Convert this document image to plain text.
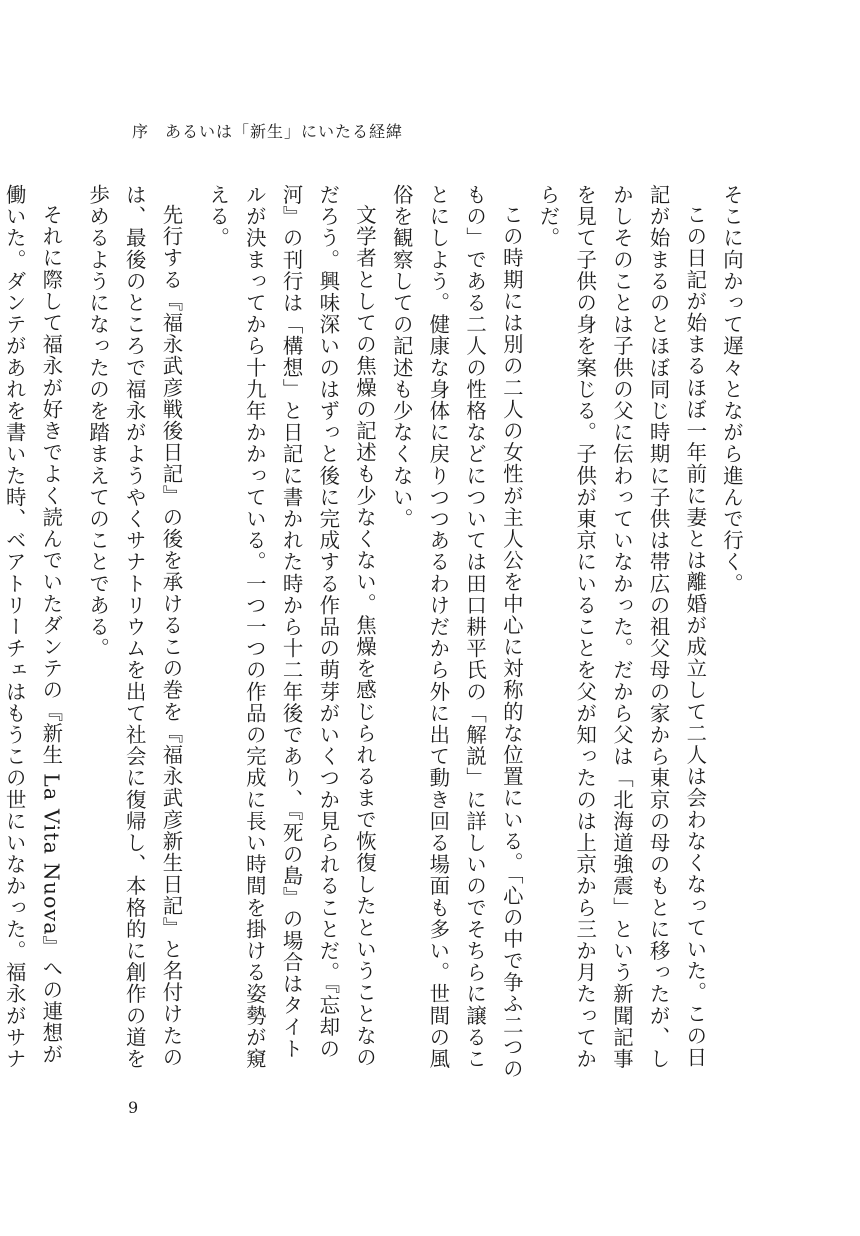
序 あるいは「新生」にいたる経緯

そこに向かって遅々とながら進んで行く。

この日記が始まるほぼ一年前に妻とは離婚が成立して二人は会わなくなっていた。この日記が始まるのとほぼ同じ時期に子供は帯広の祖父母の家から東京の母のもとに移ったが、しかしそのことは子供の父に伝わっていなかった。だから父は「北海道強震」という新聞記事を見て子供の身を案じる。子供が東京にいることを父が知ったのは上京から三か月たってからだ。

この時期には別の二人の女性が主人公を中心に対称的な位置にいる。「心の中で争ふ二つのもの」である二人の性格などについては田口耕平氏の「解説」に詳しいのでそちらに譲ることにしよう。健康な身体に戻りつつあるわけだから外に出て動き回る場面も多い。世間の風俗を観察しての記述も少なくない。

文学者としての焦燥の記述も少なくない。焦燥を感じられるまで恢復したということなのだろう。興味深いのはずっと後に完成する作品の萌芽がいくつか見られることだ。『忘却の河』の刊行は「構想」と日記に書かれた時から十二年後であり、『死の島』の場合はタイトルが決まってから十九年かかっている。一つ一つの作品の完成に長い時間を掛ける姿勢が窺える。

先行する『福永武彦戦後日記』の後を承けるこの巻を『福永武彦新生日記』と名付けたのは、最後のところで福永がようやくサナトリウムを出て社会に復帰し、本格的に創作の道を歩めるようになったのを踏まえてのことである。

それに際して福永が好きでよく読んでいたダンテの『新生 La Vita Nuova』への連想が働いた。ダンテがあれを書いた時、ベアトリーチェはもうこの世にいなかった。福永がサナ

9
